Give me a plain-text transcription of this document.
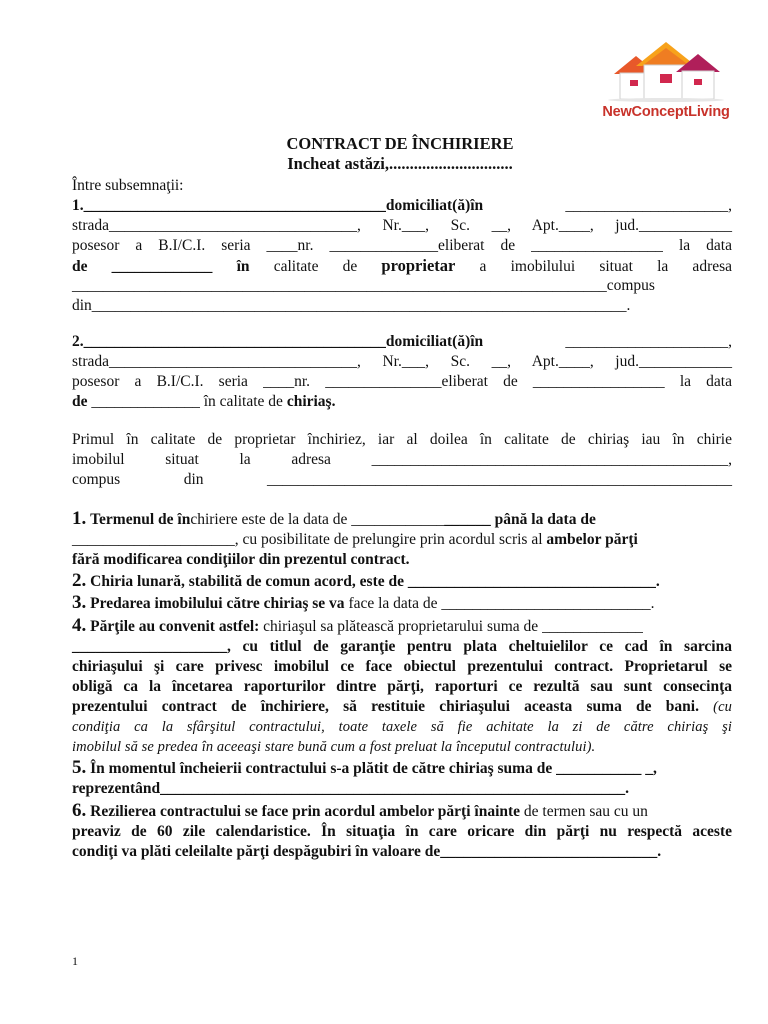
NewConceptLiving
CONTRACT DE ÎNCHIRIERE
Incheat astăzi,..............................
Între subsemnaţii:
1._______________________________________domiciliat(ă)în	_____________________,
strada________________________________, Nr.___, Sc. __, Apt.____, jud.____________
posesor a B.I/C.I. seria ____nr. ______________eliberat de _________________ la data
de _____________ în calitate de proprietar a imobilului situat la adresa
_____________________________________________________________________compus
din_____________________________________________________________________.
2._______________________________________domiciliat(ă)în	_____________________,
strada________________________________, Nr.___, Sc. __, Apt.____, jud.____________
posesor a B.I/C.I. seria ____nr. _______________eliberat de _________________ la data
de ______________ în calitate de chiriaş.
Primul în calitate de proprietar închiriez, iar al doilea în calitate de chiriaş iau în chirie
imobilul situat la adresa ______________________________________________,
compus din ____________________________________________________________
1. Termenul de închiriere este de la data de __________________ până la data de
_____________________, cu posibilitate de prelungire prin acordul scris al ambelor părţi
fără modificarea condiţiilor din prezentul contract.
2. Chiria lunară, stabilită de comun acord, este de ________________________________.
3. Predarea imobilului către chiriaş se va face la data de ___________________________.
4. Părţile au convenit astfel: chiriaşul sa plătească proprietarului suma de _____________
____________________, cu titlul de garanţie pentru plata cheltuielilor ce cad în sarcina
chiriaşului şi care privesc imobilul ce face obiectul prezentului contract. Proprietarul se
obligă ca la încetarea raporturilor dintre părţi, raporturi ce rezultă sau sunt consecinţa
prezentului contract de închiriere, să restituie chiriaşului aceasta suma de bani. (cu
condiţia ca la sfârşitul contractului, toate taxele să fie achitate la zi de către chiriaş şi
imobilul să se predea în aceeaşi stare bună cum a fost preluat la începutul contractului).
5. În momentul încheierii contractului s-a plătit de către chiriaş suma de ___________ _,
reprezentând____________________________________________________________.
6. Rezilierea contractului se face prin acordul ambelor părţi înainte de termen sau cu un
preaviz de 60 zile calendaristice. În situaţia în care oricare din părţi nu respectă aceste
condiţi va plăti celeilalte părţi despăgubiri în valoare de____________________________.
1
